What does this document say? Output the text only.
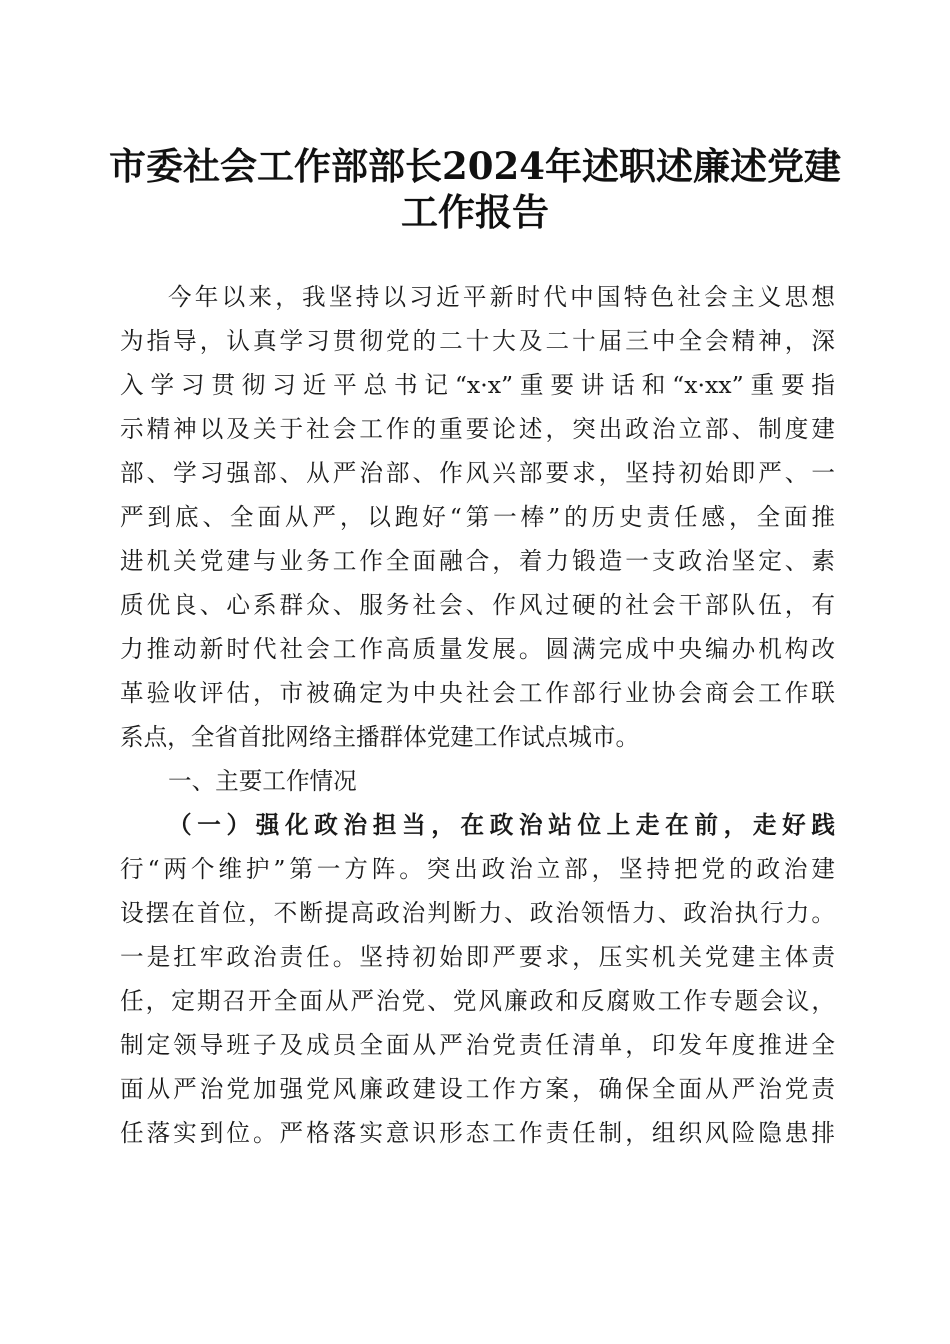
市委社会工作部部长2024年述职述廉述党建
工作报告
今年以来，我坚持以习近平新时代中国特色社会主义思想
为指导，认真学习贯彻党的二十大及二十届三中全会精神，深
入学习贯彻习近平总书记“x·x”重要讲话和“x·xx”重要指
示精神以及关于社会工作的重要论述，突出政治立部、制度建
部、学习强部、从严治部、作风兴部要求，坚持初始即严、一
严到底、全面从严，以跑好“第一棒”的历史责任感，全面推
进机关党建与业务工作全面融合，着力锻造一支政治坚定、素
质优良、心系群众、服务社会、作风过硬的社会干部队伍，有
力推动新时代社会工作高质量发展。圆满完成中央编办机构改
革验收评估，市被确定为中央社会工作部行业协会商会工作联
系点，全省首批网络主播群体党建工作试点城市。
一、主要工作情况
（一）强化政治担当，在政治站位上走在前，走好践
行“两个维护”第一方阵。突出政治立部，坚持把党的政治建
设摆在首位，不断提高政治判断力、政治领悟力、政治执行力。
一是扛牢政治责任。坚持初始即严要求，压实机关党建主体责
任，定期召开全面从严治党、党风廉政和反腐败工作专题会议，
制定领导班子及成员全面从严治党责任清单，印发年度推进全
面从严治党加强党风廉政建设工作方案，确保全面从严治党责
任落实到位。严格落实意识形态工作责任制，组织风险隐患排
